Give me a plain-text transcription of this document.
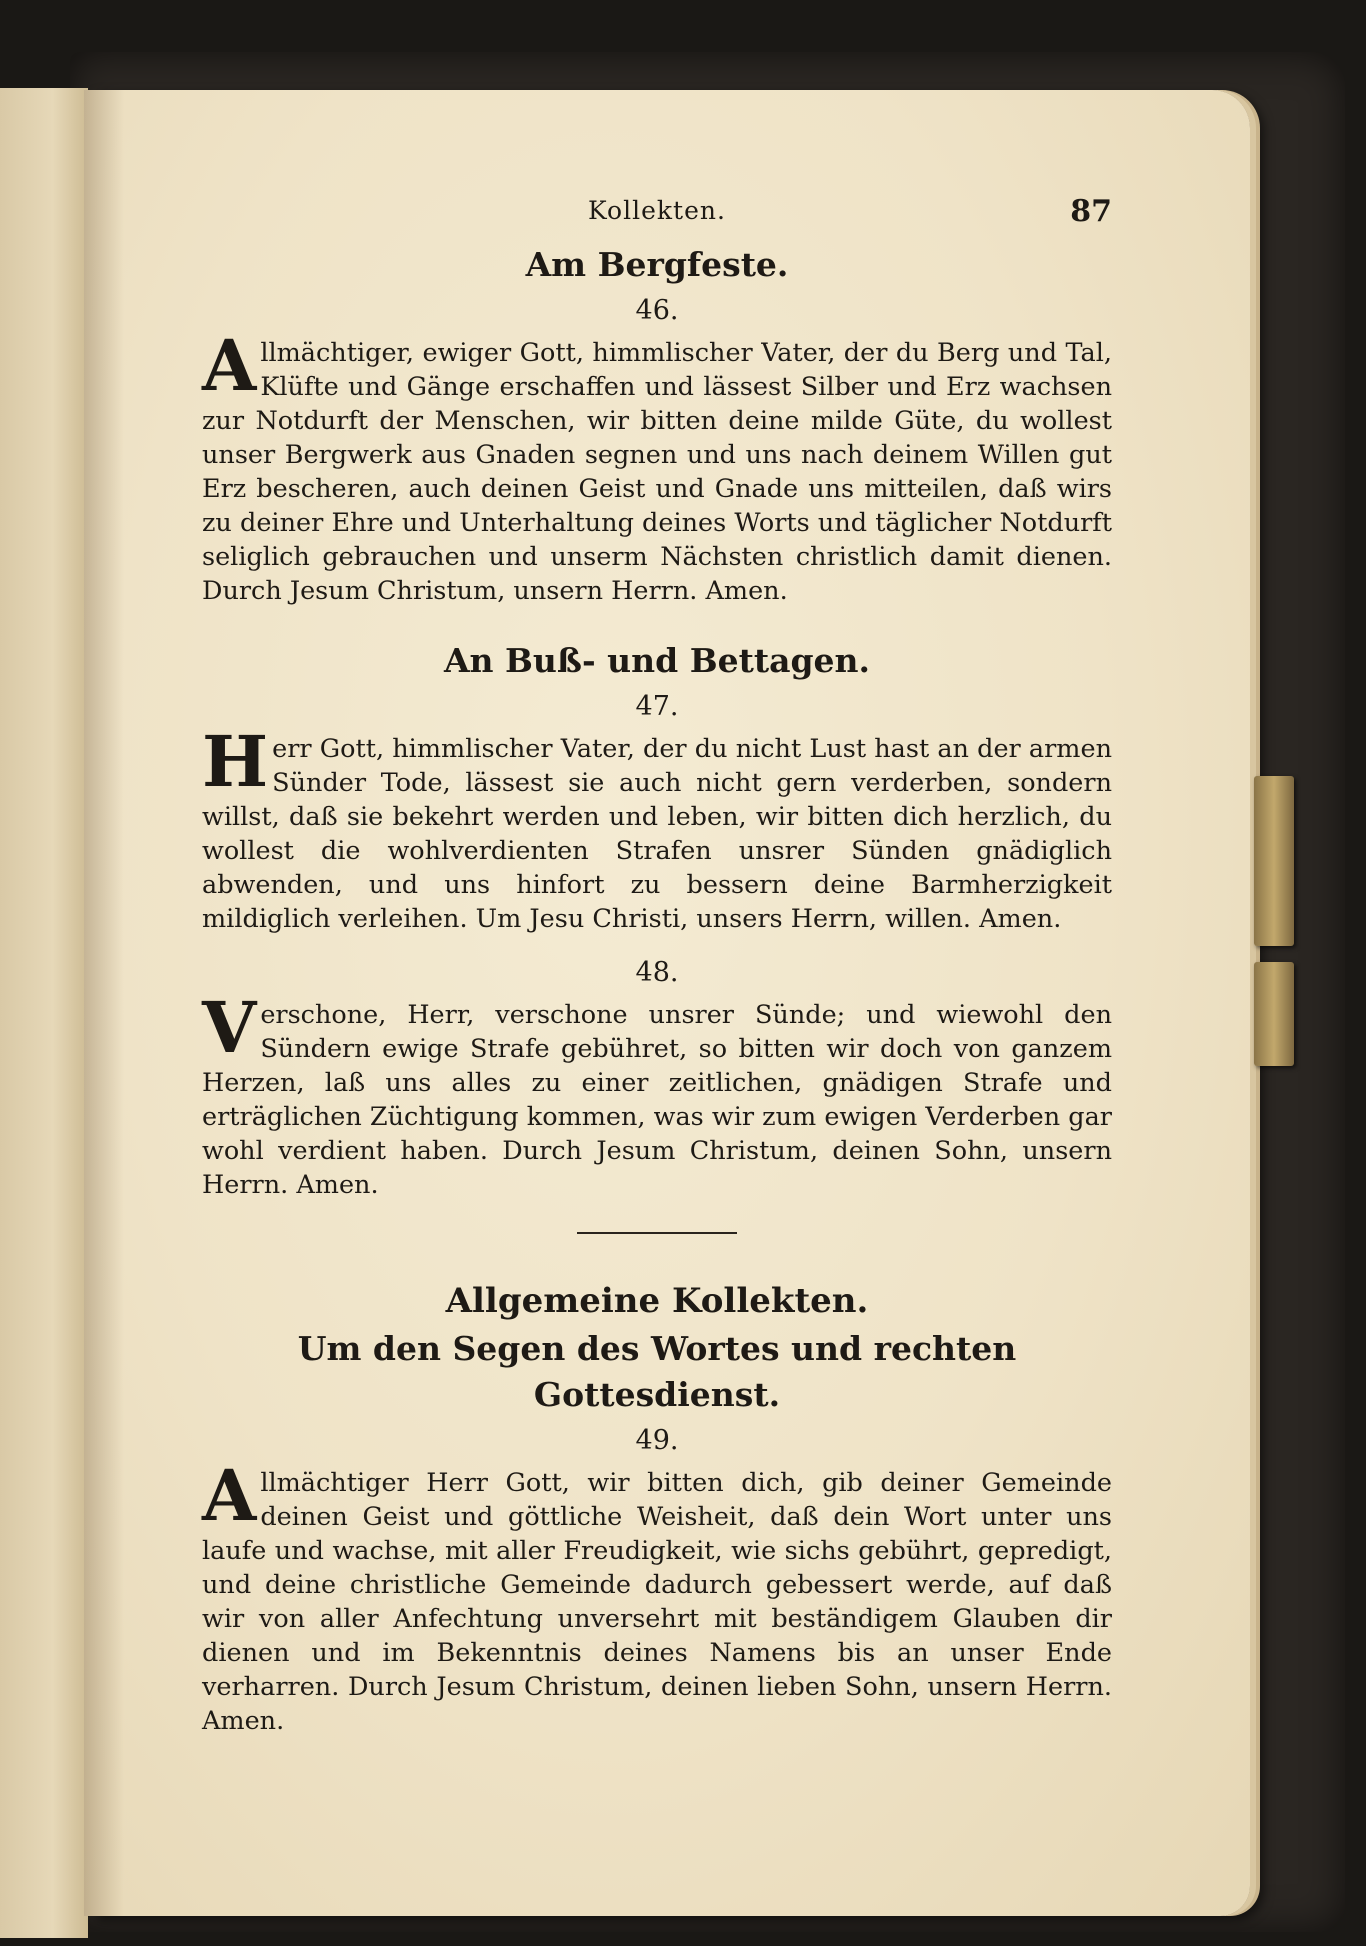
Kollekten.	87
Am Bergfeste.
46.

Allmächtiger, ewiger Gott, himmlischer Vater, der du Berg und Tal, Klüfte und Gänge erschaffen und lässest Silber und Erz wachsen zur Notdurft der Menschen, wir bitten deine milde Güte, du wollest unser Bergwerk aus Gnaden segnen und uns nach deinem Willen gut Erz bescheren, auch deinen Geist und Gnade uns mitteilen, daß wirs zu deiner Ehre und Unterhaltung deines Worts und täglicher Notdurft seliglich gebrauchen und unserm Nächsten christlich damit dienen. Durch Jesum Christum, unsern Herrn. Amen.

An Buß- und Bettagen.
47.

Herr Gott, himmlischer Vater, der du nicht Lust hast an der armen Sünder Tode, lässest sie auch nicht gern verderben, sondern willst, daß sie bekehrt werden und leben, wir bitten dich herzlich, du wollest die wohlverdienten Strafen unsrer Sünden gnädiglich abwenden, und uns hinfort zu bessern deine Barmherzigkeit mildiglich verleihen. Um Jesu Christi, unsers Herrn, willen. Amen.

48.

Verschone, Herr, verschone unsrer Sünde; und wiewohl den Sündern ewige Strafe gebühret, so bitten wir doch von ganzem Herzen, laß uns alles zu einer zeitlichen, gnädigen Strafe und erträglichen Züchtigung kommen, was wir zum ewigen Verderben gar wohl verdient haben. Durch Jesum Christum, deinen Sohn, unsern Herrn. Amen.

Allgemeine Kollekten.
Um den Segen des Wortes und rechten Gottesdienst.
49.

Allmächtiger Herr Gott, wir bitten dich, gib deiner Gemeinde deinen Geist und göttliche Weisheit, daß dein Wort unter uns laufe und wachse, mit aller Freudigkeit, wie sichs gebührt, gepredigt, und deine christliche Gemeinde dadurch gebessert werde, auf daß wir von aller Anfechtung unversehrt mit beständigem Glauben dir dienen und im Bekenntnis deines Namens bis an unser Ende verharren. Durch Jesum Christum, deinen lieben Sohn, unsern Herrn. Amen.
